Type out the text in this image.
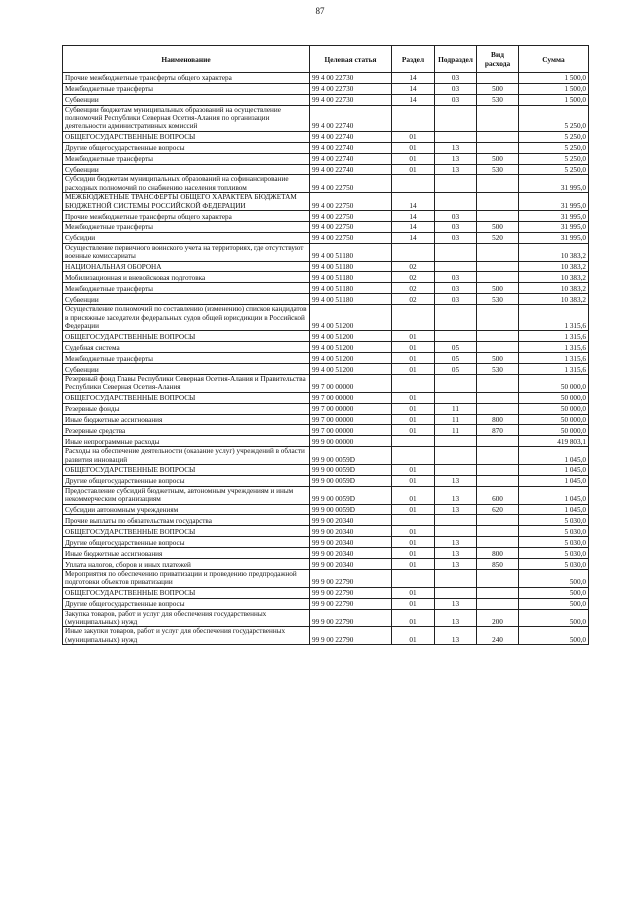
87
Наименование	Целевая статья	Раздел	Подраздел	Вид расхода	Сумма
Прочие межбюджетные трансферты общего характера	99 4 00 22730	14	03		1 500,0
Межбюджетные трансферты	99 4 00 22730	14	03	500	1 500,0
Субвенции	99 4 00 22730	14	03	530	1 500,0
Субвенции бюджетам муниципальных образований на осуществление полномочий Республики Северная Осетия-Алания по организации деятельности административных комиссий	99 4 00 22740				5 250,0
ОБЩЕГОСУДАРСТВЕННЫЕ ВОПРОСЫ	99 4 00 22740	01			5 250,0
Другие общегосударственные вопросы	99 4 00 22740	01	13		5 250,0
Межбюджетные трансферты	99 4 00 22740	01	13	500	5 250,0
Субвенции	99 4 00 22740	01	13	530	5 250,0
Субсидии бюджетам муниципальных образований на софинансирование расходных полномочий по снабжению населения топливом	99 4 00 22750				31 995,0
МЕЖБЮДЖЕТНЫЕ ТРАНСФЕРТЫ ОБЩЕГО ХАРАКТЕРА БЮДЖЕТАМ БЮДЖЕТНОЙ СИСТЕМЫ РОССИЙСКОЙ ФЕДЕРАЦИИ	99 4 00 22750	14			31 995,0
Прочие межбюджетные трансферты общего характера	99 4 00 22750	14	03		31 995,0
Межбюджетные трансферты	99 4 00 22750	14	03	500	31 995,0
Субсидии	99 4 00 22750	14	03	520	31 995,0
Осуществление первичного воинского учета на территориях, где отсутствуют военные комиссариаты	99 4 00 51180				10 383,2
НАЦИОНАЛЬНАЯ ОБОРОНА	99 4 00 51180	02			10 383,2
Мобилизационная и вневойсковая подготовка	99 4 00 51180	02	03		10 383,2
Межбюджетные трансферты	99 4 00 51180	02	03	500	10 383,2
Субвенции	99 4 00 51180	02	03	530	10 383,2
Осуществление полномочий по составлению (изменению) списков кандидатов в присяжные заседатели федеральных судов общей юрисдикции в Российской Федерации	99 4 00 51200				1 315,6
ОБЩЕГОСУДАРСТВЕННЫЕ ВОПРОСЫ	99 4 00 51200	01			1 315,6
Судебная система	99 4 00 51200	01	05		1 315,6
Межбюджетные трансферты	99 4 00 51200	01	05	500	1 315,6
Субвенции	99 4 00 51200	01	05	530	1 315,6
Резервный фонд Главы Республики Северная Осетия-Алания и Правительства Республики Северная Осетия-Алания	99 7 00 00000				50 000,0
ОБЩЕГОСУДАРСТВЕННЫЕ ВОПРОСЫ	99 7 00 00000	01			50 000,0
Резервные фонды	99 7 00 00000	01	11		50 000,0
Иные бюджетные ассигнования	99 7 00 00000	01	11	800	50 000,0
Резервные средства	99 7 00 00000	01	11	870	50 000,0
Иные непрограммные расходы	99 9 00 00000				419 803,1
Расходы на обеспечение деятельности (оказание услуг) учреждений в области развития инноваций	99 9 00 0059D				1 045,0
ОБЩЕГОСУДАРСТВЕННЫЕ ВОПРОСЫ	99 9 00 0059D	01			1 045,0
Другие общегосударственные вопросы	99 9 00 0059D	01	13		1 045,0
Предоставление субсидий бюджетным, автономным учреждениям и иным некоммерческим организациям	99 9 00 0059D	01	13	600	1 045,0
Субсидии автономным учреждениям	99 9 00 0059D	01	13	620	1 045,0
Прочие выплаты по обязательствам государства	99 9 00 20340				5 030,0
ОБЩЕГОСУДАРСТВЕННЫЕ ВОПРОСЫ	99 9 00 20340	01			5 030,0
Другие общегосударственные вопросы	99 9 00 20340	01	13		5 030,0
Иные бюджетные ассигнования	99 9 00 20340	01	13	800	5 030,0
Уплата налогов, сборов и иных платежей	99 9 00 20340	01	13	850	5 030,0
Мероприятия по обеспечению приватизации и проведению предпродажной подготовки объектов приватизации	99 9 00 22790				500,0
ОБЩЕГОСУДАРСТВЕННЫЕ ВОПРОСЫ	99 9 00 22790	01			500,0
Другие общегосударственные вопросы	99 9 00 22790	01	13		500,0
Закупка товаров, работ и услуг для обеспечения государственных (муниципальных) нужд	99 9 00 22790	01	13	200	500,0
Иные закупки товаров, работ и услуг для обеспечения государственных (муниципальных) нужд	99 9 00 22790	01	13	240	500,0
